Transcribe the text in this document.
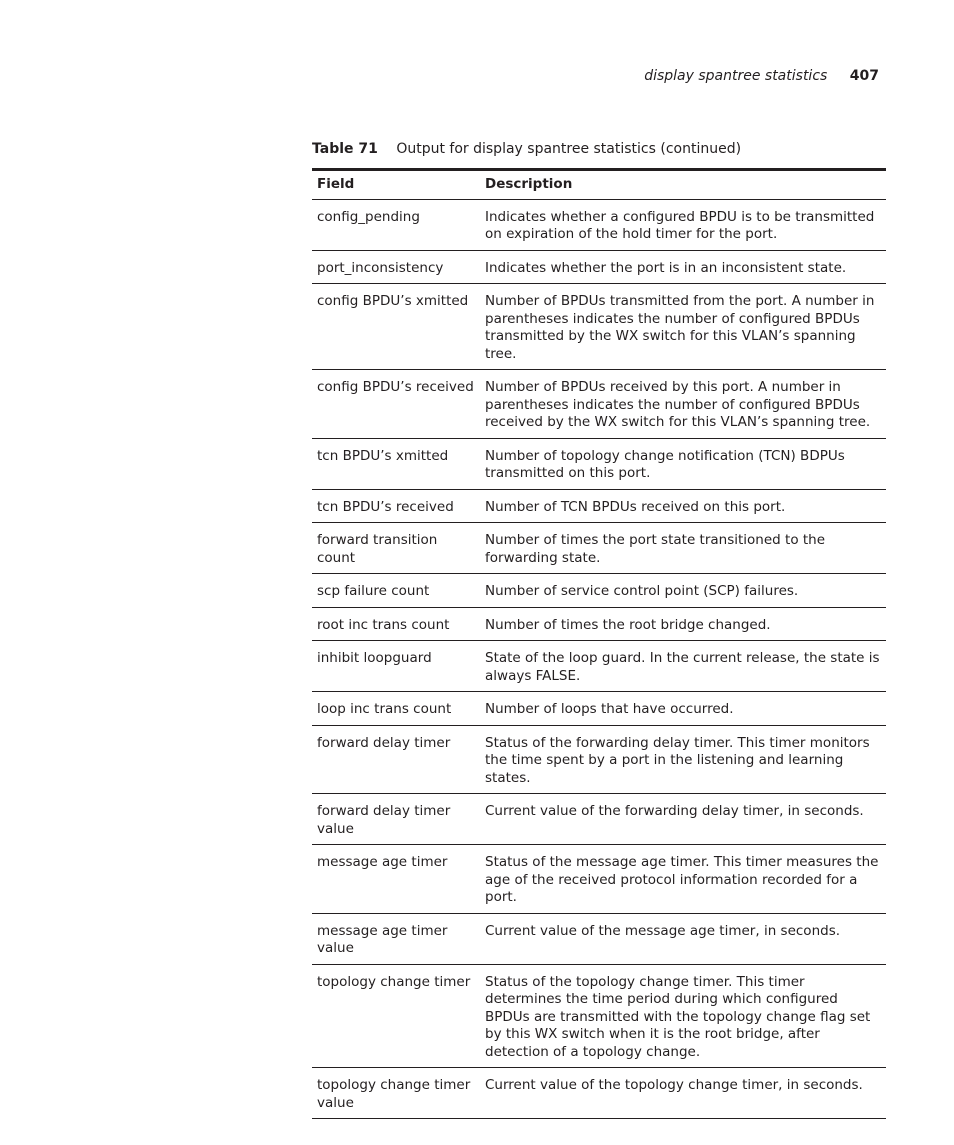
display spantree statistics 407
Table 71 Output for display spantree statistics (continued)
Field	Description
config_pending	Indicates whether a configured BPDU is to be transmitted on expiration of the hold timer for the port.
port_inconsistency	Indicates whether the port is in an inconsistent state.
config BPDU’s xmitted	Number of BPDUs transmitted from the port. A number in parentheses indicates the number of configured BPDUs transmitted by the WX switch for this VLAN’s spanning tree.
config BPDU’s received	Number of BPDUs received by this port. A number in parentheses indicates the number of configured BPDUs received by the WX switch for this VLAN’s spanning tree.
tcn BPDU’s xmitted	Number of topology change notification (TCN) BDPUs transmitted on this port.
tcn BPDU’s received	Number of TCN BPDUs received on this port.
forward transition count	Number of times the port state transitioned to the forwarding state.
scp failure count	Number of service control point (SCP) failures.
root inc trans count	Number of times the root bridge changed.
inhibit loopguard	State of the loop guard. In the current release, the state is always FALSE.
loop inc trans count	Number of loops that have occurred.
forward delay timer	Status of the forwarding delay timer. This timer monitors the time spent by a port in the listening and learning states.
forward delay timer value	Current value of the forwarding delay timer, in seconds.
message age timer	Status of the message age timer. This timer measures the age of the received protocol information recorded for a port.
message age timer value	Current value of the message age timer, in seconds.
topology change timer	Status of the topology change timer. This timer determines the time period during which configured BPDUs are transmitted with the topology change flag set by this WX switch when it is the root bridge, after detection of a topology change.
topology change timer value	Current value of the topology change timer, in seconds.
